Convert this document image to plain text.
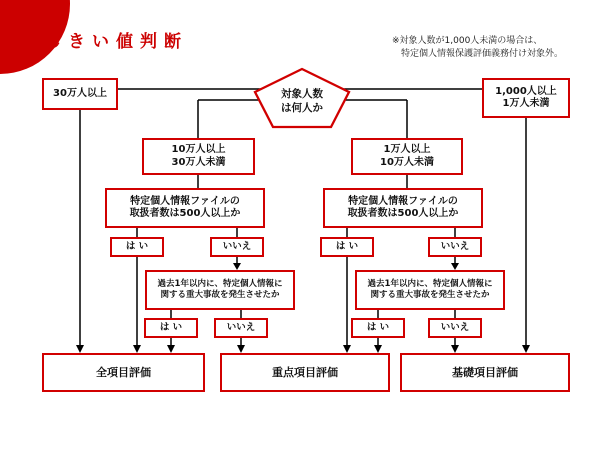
しきい値判断	※対象人数が1,000人未満の場合は、
特定個人情報保護評価義務付け対象外。
対象人数
は何人か
30万人以上	1,000人以上
1万人未満
10万人以上
30万人未満
1万人以上
10万人未満
特定個人情報ファイルの
取扱者数は500人以上か
特定個人情報ファイルの
取扱者数は500人以上か
は い	いいえ	は い	いいえ
過去1年以内に、特定個人情報に
関する重大事故を発生させたか
過去1年以内に、特定個人情報に
関する重大事故を発生させたか
は い	いいえ	は い	いいえ
全項目評価	重点項目評価	基礎項目評価
